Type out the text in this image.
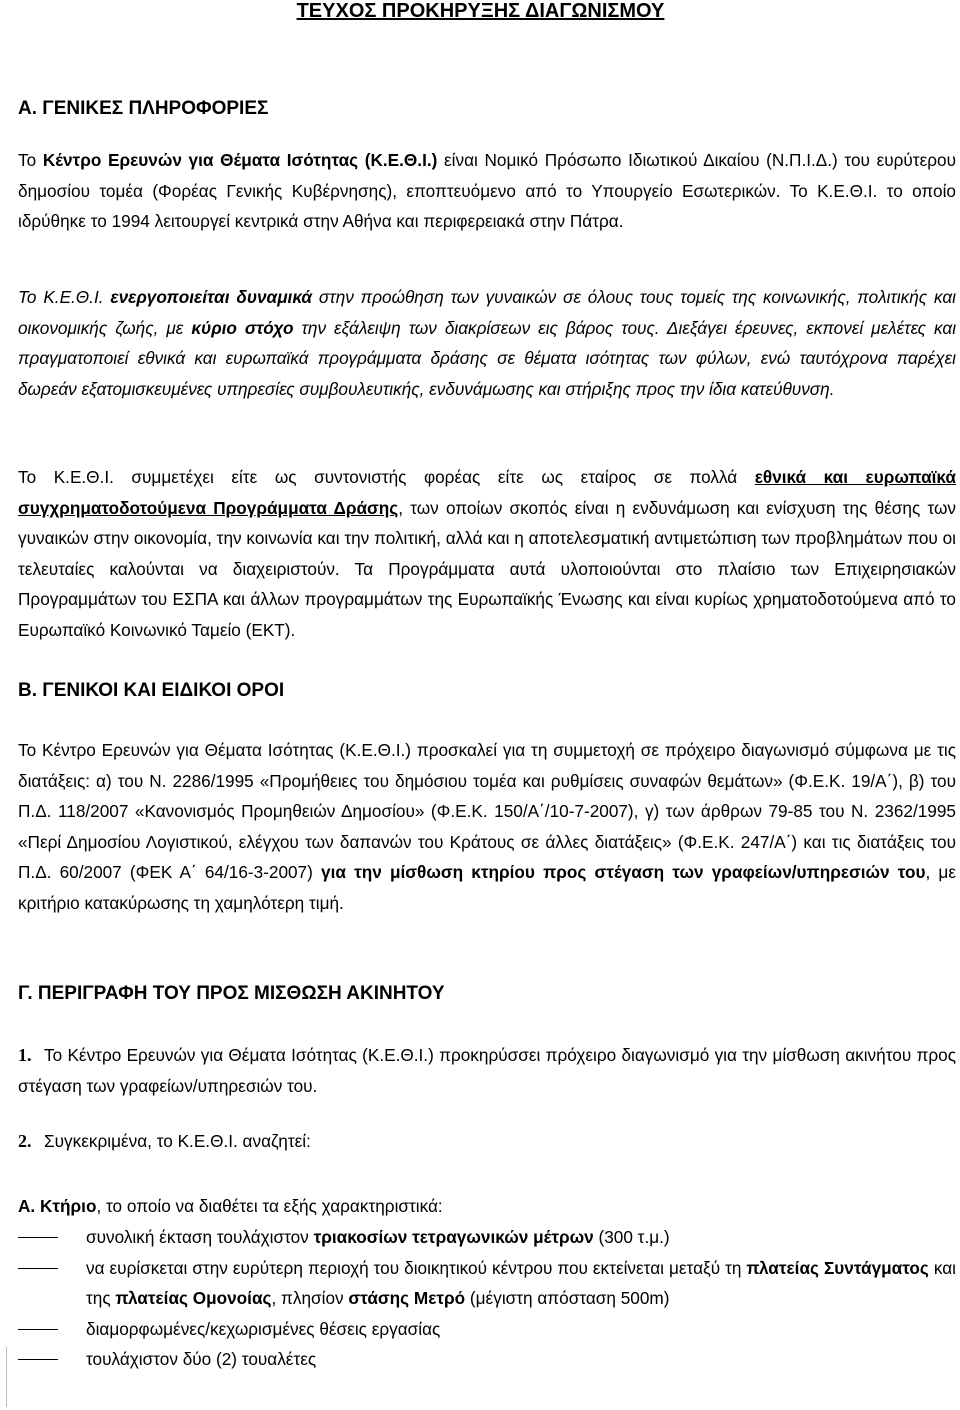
ΤΕΥΧΟΣ ΠΡΟΚΗΡΥΞΗΣ ΔΙΑΓΩΝΙΣΜΟΥ
Α. ΓΕΝΙΚΕΣ ΠΛΗΡΟΦΟΡΙΕΣ

Το Κέντρο Ερευνών για Θέματα Ισότητας (Κ.Ε.Θ.Ι.) είναι Νομικό Πρόσωπο Ιδιωτικού Δικαίου (Ν.Π.Ι.Δ.) του ευρύτερου δημοσίου τομέα (Φορέας Γενικής Κυβέρνησης), εποπτευόμενο από το Υπουργείο Εσωτερικών. Το Κ.Ε.Θ.Ι. το οποίο ιδρύθηκε το 1994 λειτουργεί κεντρικά στην Αθήνα και περιφερειακά στην Πάτρα.

Το Κ.Ε.Θ.Ι. ενεργοποιείται δυναμικά στην προώθηση των γυναικών σε όλους τους τομείς της κοινωνικής, πολιτικής και οικονομικής ζωής, με κύριο στόχο την εξάλειψη των διακρίσεων εις βάρος τους. Διεξάγει έρευνες, εκπονεί μελέτες και πραγματοποιεί εθνικά και ευρωπαϊκά προγράμματα δράσης σε θέματα ισότητας των φύλων, ενώ ταυτόχρονα παρέχει δωρεάν εξατομισκευμένες υπηρεσίες συμβουλευτικής, ενδυνάμωσης και στήριξης προς την ίδια κατεύθυνση.

Το Κ.Ε.Θ.Ι. συμμετέχει είτε ως συντονιστής φορέας είτε ως εταίρος σε πολλά εθνικά και ευρωπαϊκά συγχρηματοδοτούμενα Προγράμματα Δράσης, των οποίων σκοπός είναι η ενδυνάμωση και ενίσχυση της θέσης των γυναικών στην οικονομία, την κοινωνία και την πολιτική, αλλά και η αποτελεσματική αντιμετώπιση των προβλημάτων που οι τελευταίες καλούνται να διαχειριστούν. Τα Προγράμματα αυτά υλοποιούνται στο πλαίσιο των Επιχειρησιακών Προγραμμάτων του ΕΣΠΑ και άλλων προγραμμάτων της Ευρωπαϊκής Ένωσης και είναι κυρίως χρηματοδοτούμενα από το Ευρωπαϊκό Κοινωνικό Ταμείο (ΕΚΤ).

Β. ΓΕΝΙΚΟΙ ΚΑΙ ΕΙΔΙΚΟΙ ΟΡΟΙ

Το Κέντρο Ερευνών για Θέματα Ισότητας (Κ.Ε.Θ.Ι.) προσκαλεί για τη συμμετοχή σε πρόχειρο διαγωνισμό σύμφωνα με τις διατάξεις: α) του Ν. 2286/1995 «Προμήθειες του δημόσιου τομέα και ρυθμίσεις συναφών θεμάτων» (Φ.Ε.Κ. 19/Α΄), β) του Π.Δ. 118/2007 «Κανονισμός Προμηθειών Δημοσίου» (Φ.Ε.Κ. 150/Α΄/10-7-2007), γ) των άρθρων 79-85 του Ν. 2362/1995 «Περί Δημοσίου Λογιστικού, ελέγχου των δαπανών του Κράτους σε άλλες διατάξεις» (Φ.Ε.Κ. 247/Α΄) και τις διατάξεις του Π.Δ. 60/2007 (ΦΕΚ Α΄ 64/16-3-2007) για την μίσθωση κτηρίου προς στέγαση των γραφείων/υπηρεσιών του, με κριτήριο κατακύρωσης τη χαμηλότερη τιμή.

Γ. ΠΕΡΙΓΡΑΦΗ ΤΟΥ ΠΡΟΣ ΜΙΣΘΩΣΗ ΑΚΙΝΗΤΟΥ

1. Το Κέντρο Ερευνών για Θέματα Ισότητας (Κ.Ε.Θ.Ι.) προκηρύσσει πρόχειρο διαγωνισμό για την μίσθωση ακινήτου προς στέγαση των γραφείων/υπηρεσιών του.

2. Συγκεκριμένα, το Κ.Ε.Θ.Ι. αναζητεί:

Α. Κτήριο, το οποίο να διαθέτει τα εξής χαρακτηριστικά:

συνολική έκταση τουλάχιστον τριακοσίων τετραγωνικών μέτρων (300 τ.μ.)
να ευρίσκεται στην ευρύτερη περιοχή του διοικητικού κέντρου που εκτείνεται μεταξύ τη πλατείας Συντάγματος και της πλατείας Ομονοίας, πλησίον στάσης Μετρό (μέγιστη απόσταση 500m)
διαμορφωμένες/κεχωρισμένες θέσεις εργασίας
τουλάχιστον δύο (2) τουαλέτες
